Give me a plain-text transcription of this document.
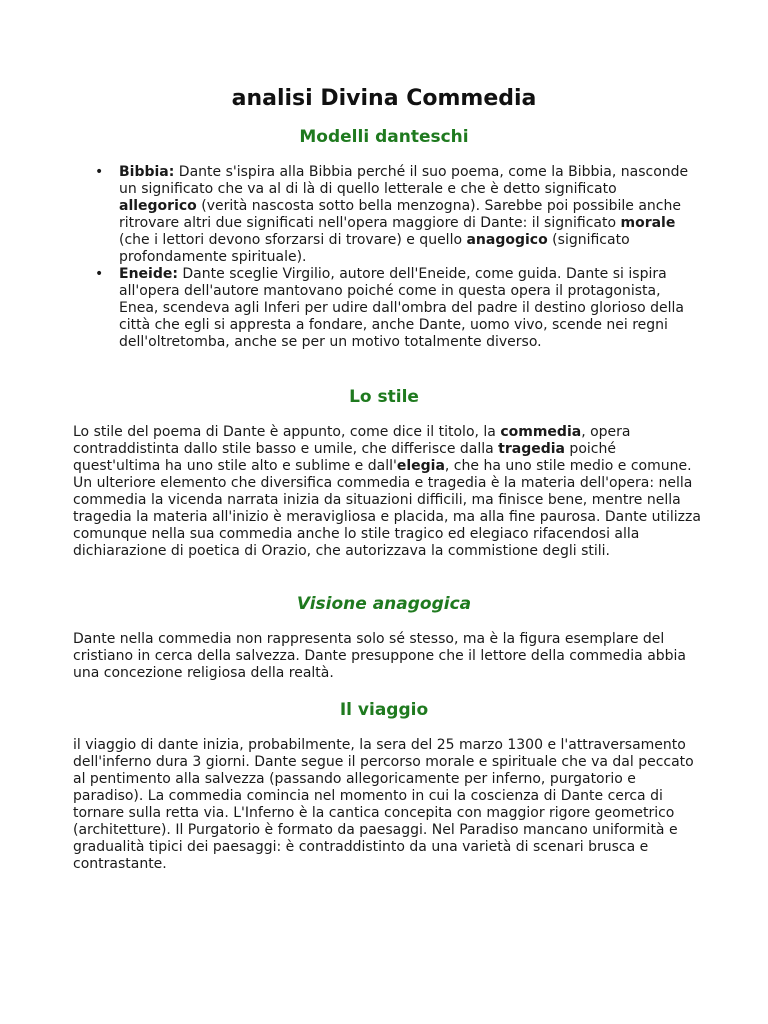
analisi Divina Commedia
Modelli danteschi
• Bibbia: Dante s'ispira alla Bibbia perché il suo poema, come la Bibbia, nasconde un significato che va al di là di quello letterale e che è detto significato allegorico (verità nascosta sotto bella menzogna). Sarebbe poi possibile anche ritrovare altri due significati nell'opera maggiore di Dante: il significato morale (che i lettori devono sforzarsi di trovare) e quello anagogico (significato profondamente spirituale).
• Eneide: Dante sceglie Virgilio, autore dell'Eneide, come guida. Dante si ispira all'opera dell'autore mantovano poiché come in questa opera il protagonista, Enea, scendeva agli Inferi per udire dall'ombra del padre il destino glorioso della città che egli si appresta a fondare, anche Dante, uomo vivo, scende nei regni dell'oltretomba, anche se per un motivo totalmente diverso.
Lo stile

Lo stile del poema di Dante è appunto, come dice il titolo, la commedia, opera contraddistinta dallo stile basso e umile, che differisce dalla tragedia poiché quest'ultima ha uno stile alto e sublime e dall'elegia, che ha uno stile medio e comune. Un ulteriore elemento che diversifica commedia e tragedia è la materia dell'opera: nella commedia la vicenda narrata inizia da situazioni difficili, ma finisce bene, mentre nella tragedia la materia all'inizio è meravigliosa e placida, ma alla fine paurosa. Dante utilizza comunque nella sua commedia anche lo stile tragico ed elegiaco rifacendosi alla dichiarazione di poetica di Orazio, che autorizzava la commistione degli stili.

Visione anagogica

Dante nella commedia non rappresenta solo sé stesso, ma è la figura esemplare del cristiano in cerca della salvezza. Dante presuppone che il lettore della commedia abbia una concezione religiosa della realtà.

Il viaggio

il viaggio di dante inizia, probabilmente, la sera del 25 marzo 1300 e l'attraversamento dell'inferno dura 3 giorni. Dante segue il percorso morale e spirituale che va dal peccato al pentimento alla salvezza (passando allegoricamente per inferno, purgatorio e paradiso). La commedia comincia nel momento in cui la coscienza di Dante cerca di tornare sulla retta via. L'Inferno è la cantica concepita con maggior rigore geometrico (architetture). Il Purgatorio è formato da paesaggi. Nel Paradiso mancano uniformità e gradualità tipici dei paesaggi: è contraddistinto da una varietà di scenari brusca e contrastante.
